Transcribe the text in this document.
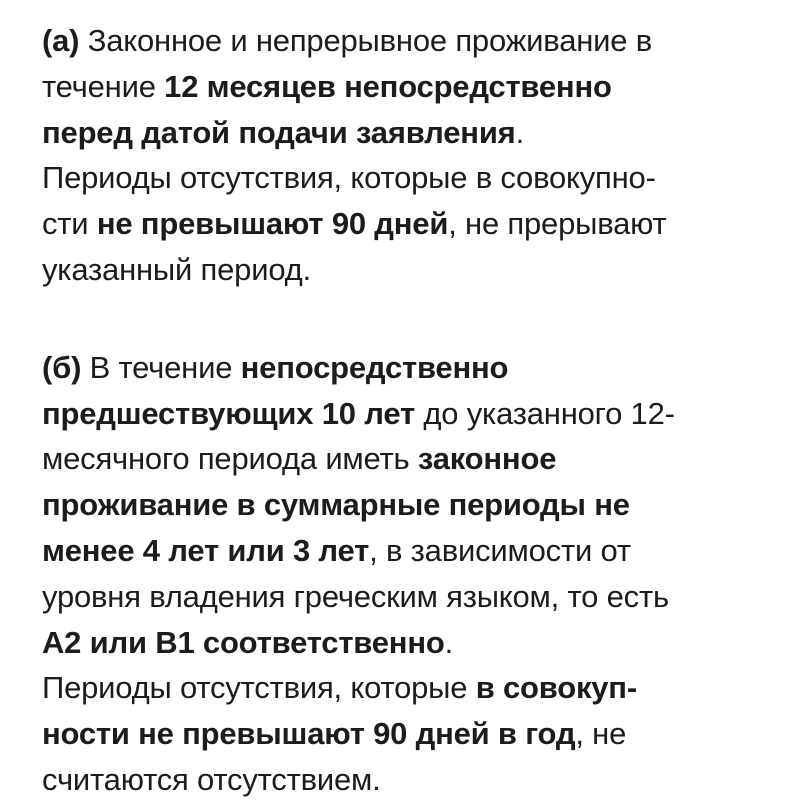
(а) Законное и непрерывное проживание в
течение 12 месяцев непосредственно
перед датой подачи заявления.
Периоды отсутствия, которые в совокупно-
сти не превышают 90 дней, не прерывают
указанный период.

(б) В течение непосредственно
предшествующих 10 лет до указанного 12-
месячного периода иметь законное
проживание в суммарные периоды не
менее 4 лет или 3 лет, в зависимости от
уровня владения греческим языком, то есть
А2 или В1 соответственно.
Периоды отсутствия, которые в совокуп-
ности не превышают 90 дней в год, не
считаются отсутствием.
